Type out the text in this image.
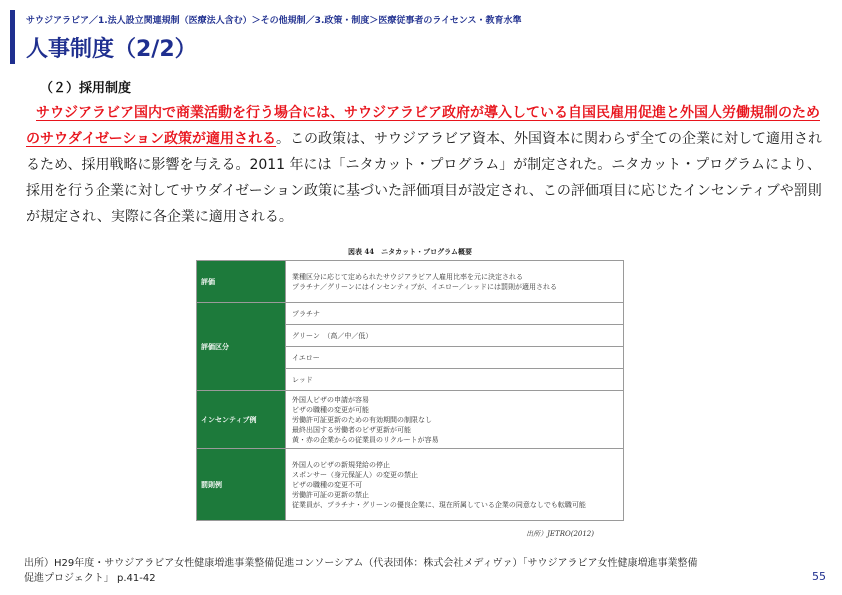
サウジアラビア／1.法人設立関連規制（医療法人含む）＞その他規制／3.政策・制度＞医療従事者のライセンス・教育水準
人事制度（2/2）
（２）採用制度
サウジアラビア国内で商業活動を行う場合には、サウジアラビア政府が導入している自国民雇用促進と外国人労働規制のためのサウダイゼーション政策が適用される。この政策は、サウジアラビア資本、外国資本に関わらず全ての企業に対して適用されるため、採用戦略に影響を与える。2011 年には「ニタカット・プログラム」が制定された。ニタカット・プログラムにより、採用を行う企業に対してサウダイゼーション政策に基づいた評価項目が設定され、この評価項目に応じたインセンティブや罰則が規定され、実際に各企業に適用される。
図表 44　ニタカット・プログラム概要
評価	業種区分に応じて定められたサウジアラビア人雇用比率を元に決定される
プラチナ／グリーンにはインセンティブが、イエロー／レッドには罰則が適用される

評価区分	プラチナ
	グリーン　（高／中／低）
	イエロー
	レッド
インセンティブ例	外国人ビザの申請が容易
ビザの職種の変更が可能
労働許可証更新のための有効期間の制限なし
最終出国する労働者のビザ更新が可能
黄・赤の企業からの従業員のリクルートが容易

罰則例	外国人のビザの新規発給の停止
スポンサー（身元保証人）の変更の禁止
ビザの職種の変更不可
労働許可証の更新の禁止
従業員が、プラチナ・グリーンの優良企業に、現在所属している企業の同意なしでも転職可能
出所）JETRO(2012)
出所）H29年度・サウジアラビア女性健康増進事業整備促進コンソーシアム（代表団体：株式会社メディヴァ）「サウジアラビア女性健康増進事業整備
促進プロジェクト」 p.41-42	55
